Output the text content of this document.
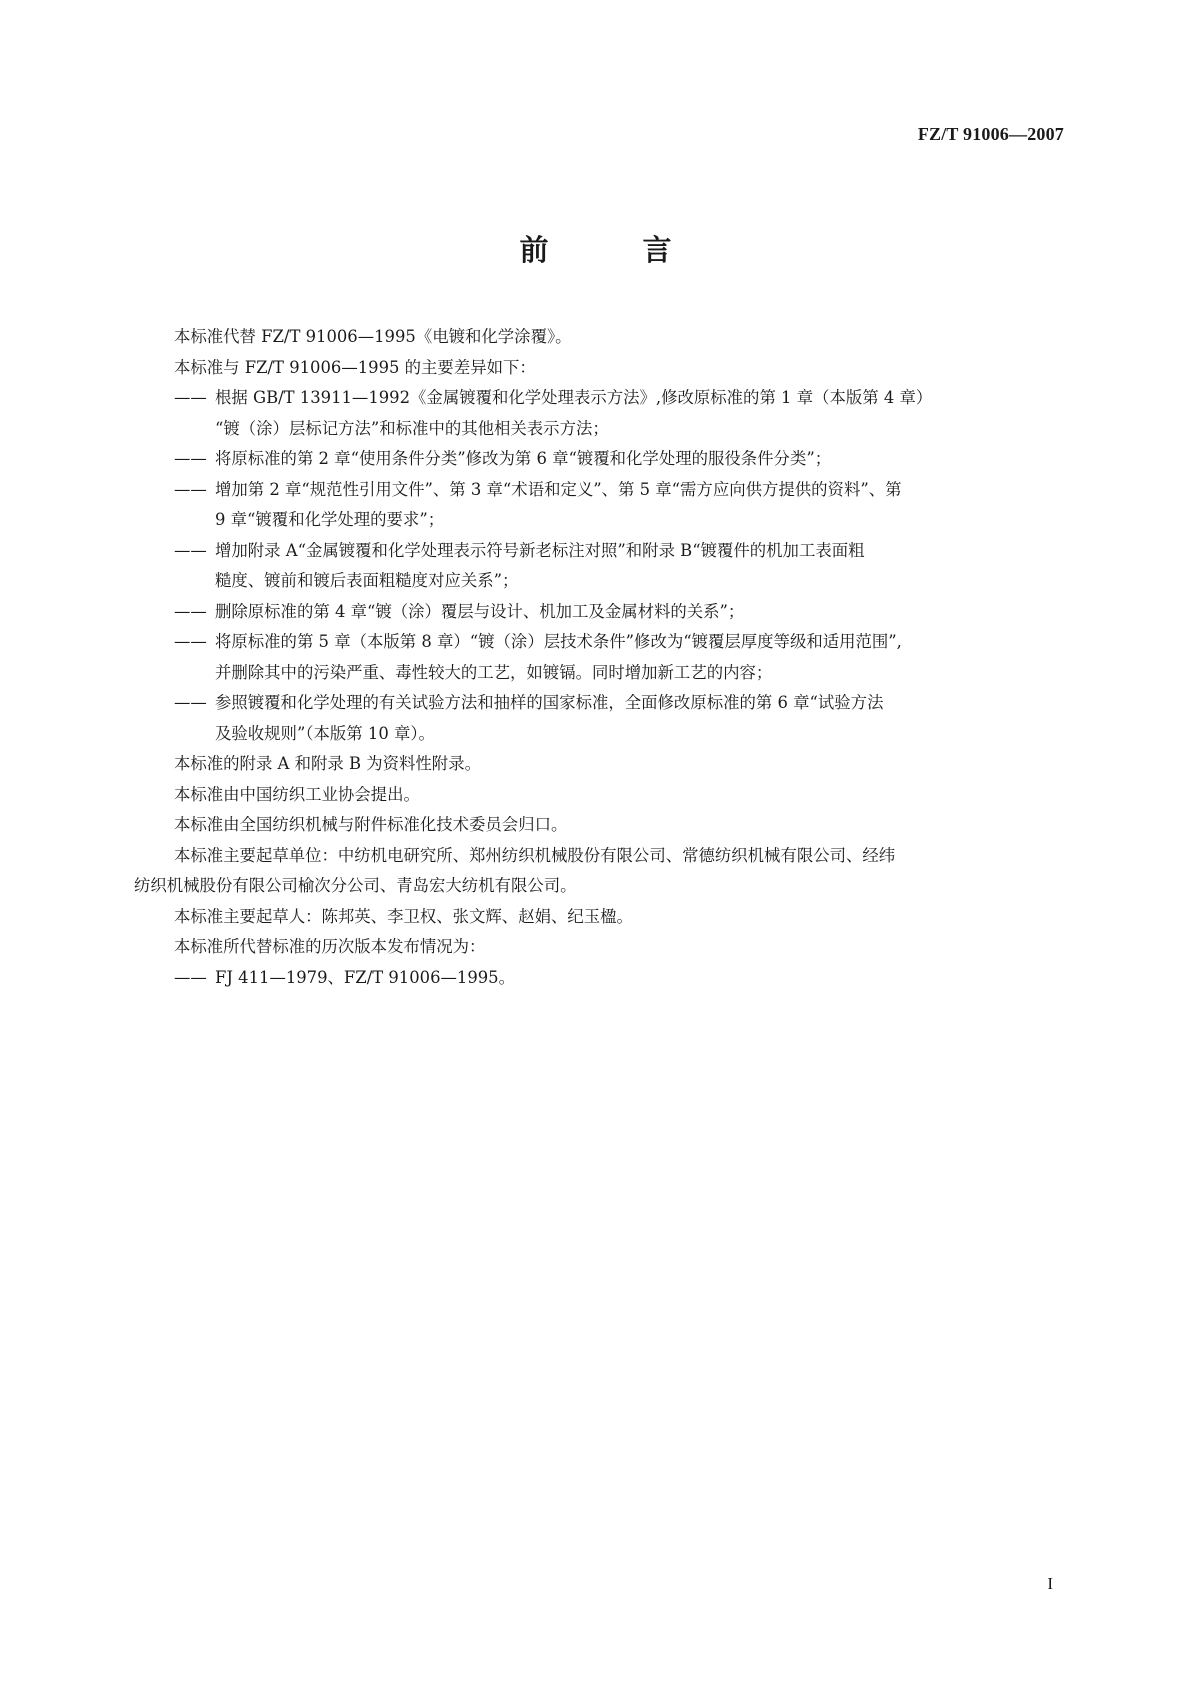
FZ/T 91006—2007
前 言
本标准代替 FZ/T 91006—1995《电镀和化学涂覆》。
本标准与 FZ/T 91006—1995 的主要差异如下：
—— 根据 GB/T 13911—1992《金属镀覆和化学处理表示方法》,修改原标准的第 1 章（本版第 4 章）
“镀（涂）层标记方法”和标准中的其他相关表示方法；
—— 将原标准的第 2 章“使用条件分类”修改为第 6 章“镀覆和化学处理的服役条件分类”；
—— 增加第 2 章“规范性引用文件”、第 3 章“术语和定义”、第 5 章“需方应向供方提供的资料”、第
9 章“镀覆和化学处理的要求”；
—— 增加附录 A“金属镀覆和化学处理表示符号新老标注对照”和附录 B“镀覆件的机加工表面粗
糙度、镀前和镀后表面粗糙度对应关系”；
—— 删除原标准的第 4 章“镀（涂）覆层与设计、机加工及金属材料的关系”；
—— 将原标准的第 5 章（本版第 8 章）“镀（涂）层技术条件”修改为“镀覆层厚度等级和适用范围”,
并删除其中的污染严重、毒性较大的工艺，如镀镉。同时增加新工艺的内容；
—— 参照镀覆和化学处理的有关试验方法和抽样的国家标准，全面修改原标准的第 6 章“试验方法
及验收规则”（本版第 10 章）。
本标准的附录 A 和附录 B 为资料性附录。
本标准由中国纺织工业协会提出。
本标准由全国纺织机械与附件标准化技术委员会归口。
本标准主要起草单位：中纺机电研究所、郑州纺织机械股份有限公司、常德纺织机械有限公司、经纬
纺织机械股份有限公司榆次分公司、青岛宏大纺机有限公司。
本标准主要起草人：陈邦英、李卫权、张文辉、赵娟、纪玉楹。
本标准所代替标准的历次版本发布情况为：
—— FJ 411—1979、FZ/T 91006—1995。
I
